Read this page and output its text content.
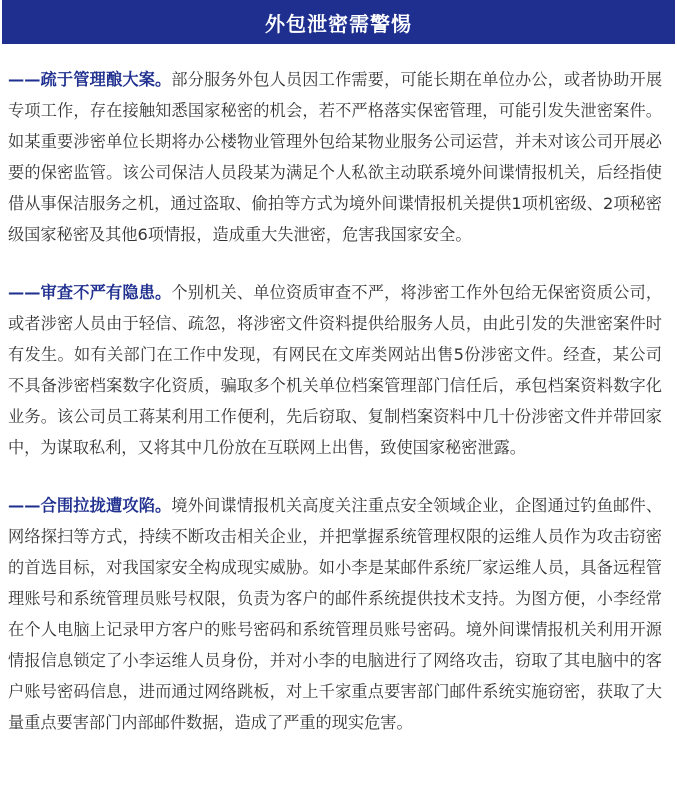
外包泄密需警惕

——疏于管理酿大案。部分服务外包人员因工作需要，可能长期在单位办公，或者协助开展专项工作，存在接触知悉国家秘密的机会，若不严格落实保密管理，可能引发失泄密案件。如某重要涉密单位长期将办公楼物业管理外包给某物业服务公司运营，并未对该公司开展必要的保密监管。该公司保洁人员段某为满足个人私欲主动联系境外间谍情报机关，后经指使借从事保洁服务之机，通过盗取、偷拍等方式为境外间谍情报机关提供1项机密级、2项秘密级国家秘密及其他6项情报，造成重大失泄密，危害我国家安全。

——审查不严有隐患。个别机关、单位资质审查不严，将涉密工作外包给无保密资质公司，或者涉密人员由于轻信、疏忽，将涉密文件资料提供给服务人员，由此引发的失泄密案件时有发生。如有关部门在工作中发现，有网民在文库类网站出售5份涉密文件。经查，某公司不具备涉密档案数字化资质，骗取多个机关单位档案管理部门信任后，承包档案资料数字化业务。该公司员工蒋某利用工作便利，先后窃取、复制档案资料中几十份涉密文件并带回家中，为谋取私利，又将其中几份放在互联网上出售，致使国家秘密泄露。

——合围拉拢遭攻陷。境外间谍情报机关高度关注重点安全领域企业，企图通过钓鱼邮件、网络探扫等方式，持续不断攻击相关企业，并把掌握系统管理权限的运维人员作为攻击窃密的首选目标，对我国家安全构成现实威胁。如小李是某邮件系统厂家运维人员，具备远程管理账号和系统管理员账号权限，负责为客户的邮件系统提供技术支持。为图方便，小李经常在个人电脑上记录甲方客户的账号密码和系统管理员账号密码。境外间谍情报机关利用开源情报信息锁定了小李运维人员身份，并对小李的电脑进行了网络攻击，窃取了其电脑中的客户账号密码信息，进而通过网络跳板，对上千家重点要害部门邮件系统实施窃密，获取了大量重点要害部门内部邮件数据，造成了严重的现实危害。
